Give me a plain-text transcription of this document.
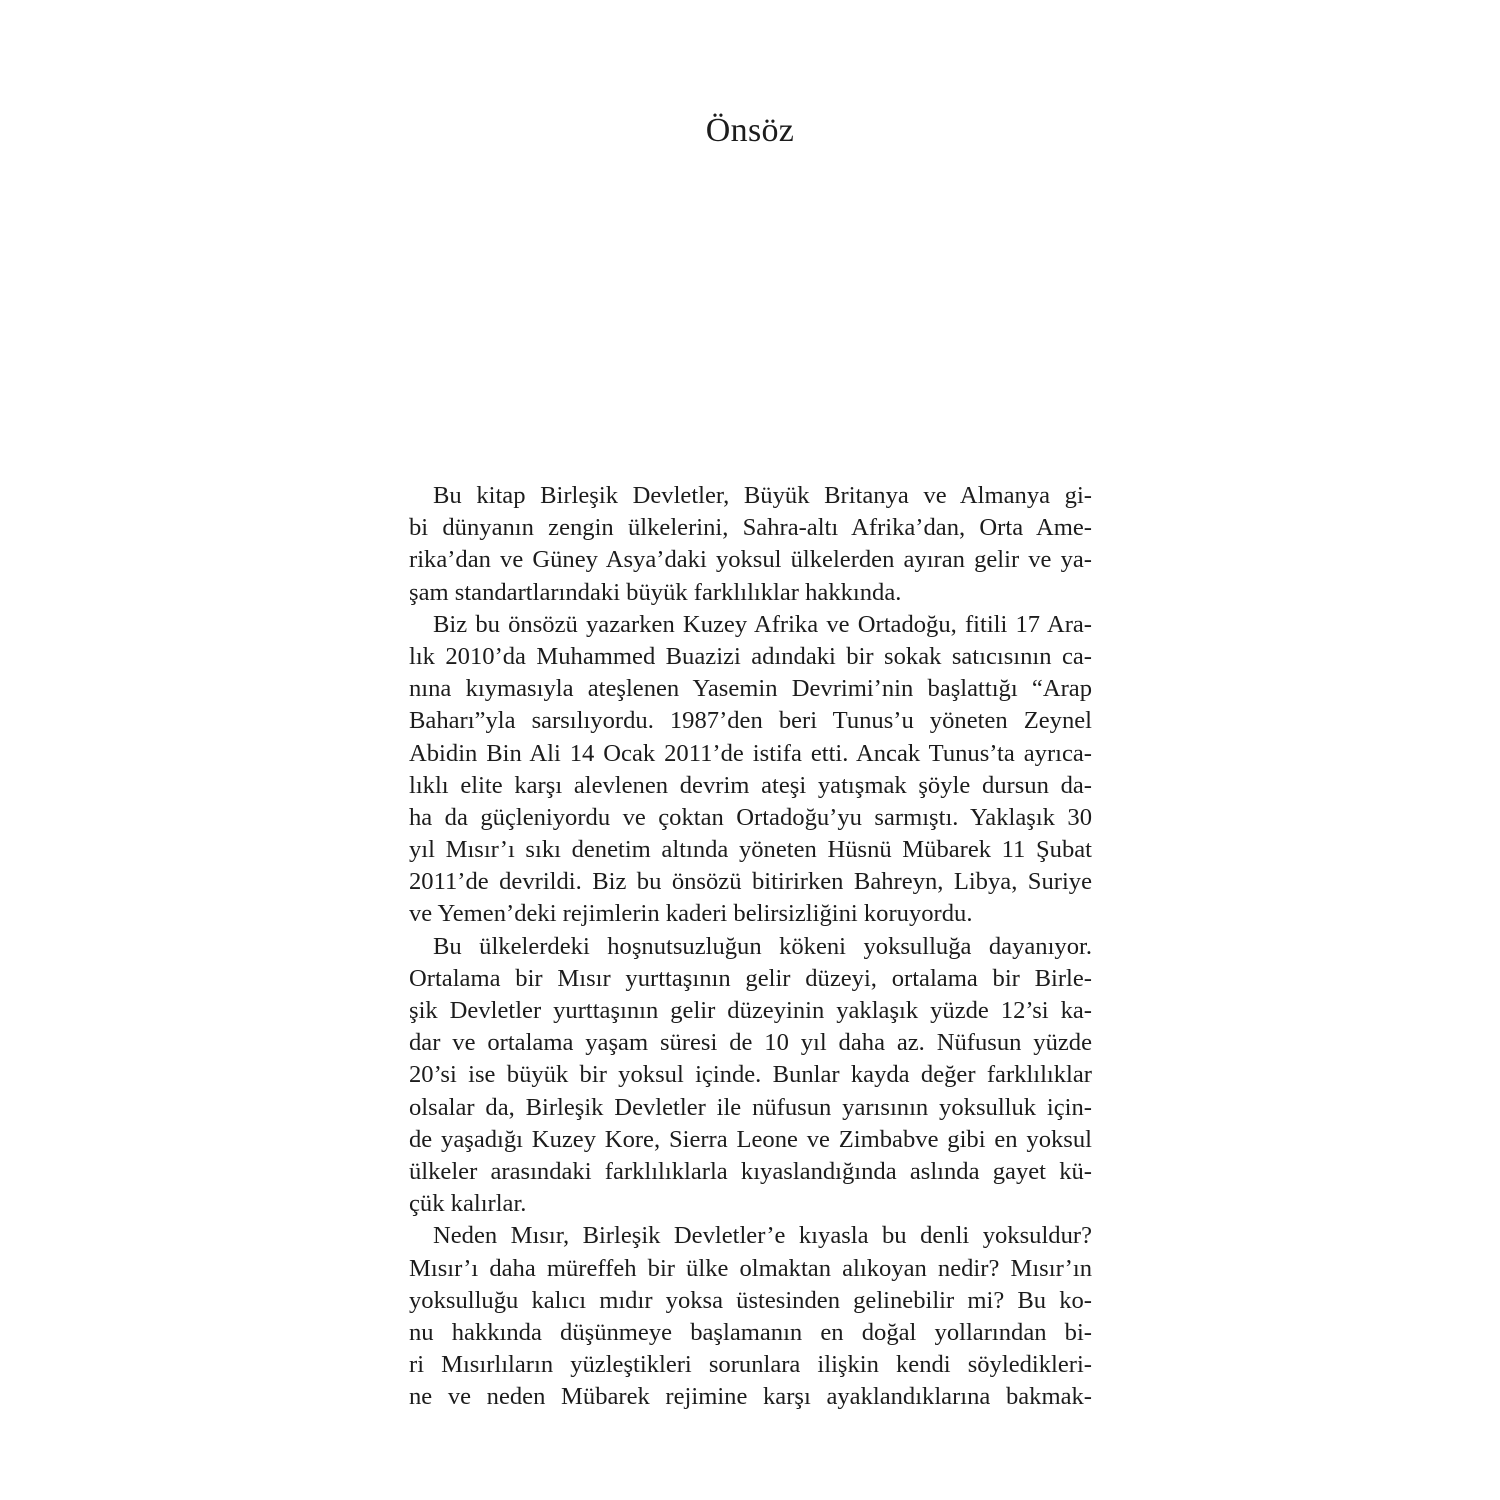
Önsöz
Bu kitap Birleşik Devletler, Büyük Britanya ve Almanya gi-
bi dünyanın zengin ülkelerini, Sahra-altı Afrika’dan, Orta Ame-
rika’dan ve Güney Asya’daki yoksul ülkelerden ayıran gelir ve ya-
şam standartlarındaki büyük farklılıklar hakkında.
Biz bu önsözü yazarken Kuzey Afrika ve Ortadoğu, fitili 17 Ara-
lık 2010’da Muhammed Buazizi adındaki bir sokak satıcısının ca-
nına kıymasıyla ateşlenen Yasemin Devrimi’nin başlattığı “Arap
Baharı”yla sarsılıyordu. 1987’den beri Tunus’u yöneten Zeynel
Abidin Bin Ali 14 Ocak 2011’de istifa etti. Ancak Tunus’ta ayrıca-
lıklı elite karşı alevlenen devrim ateşi yatışmak şöyle dursun da-
ha da güçleniyordu ve çoktan Ortadoğu’yu sarmıştı. Yaklaşık 30
yıl Mısır’ı sıkı denetim altında yöneten Hüsnü Mübarek 11 Şubat
2011’de devrildi. Biz bu önsözü bitirirken Bahreyn, Libya, Suriye
ve Yemen’deki rejimlerin kaderi belirsizliğini koruyordu.
Bu ülkelerdeki hoşnutsuzluğun kökeni yoksulluğa dayanıyor.
Ortalama bir Mısır yurttaşının gelir düzeyi, ortalama bir Birle-
şik Devletler yurttaşının gelir düzeyinin yaklaşık yüzde 12’si ka-
dar ve ortalama yaşam süresi de 10 yıl daha az. Nüfusun yüzde
20’si ise büyük bir yoksul içinde. Bunlar kayda değer farklılıklar
olsalar da, Birleşik Devletler ile nüfusun yarısının yoksulluk için-
de yaşadığı Kuzey Kore, Sierra Leone ve Zimbabve gibi en yoksul
ülkeler arasındaki farklılıklarla kıyaslandığında aslında gayet kü-
çük kalırlar.
Neden Mısır, Birleşik Devletler’e kıyasla bu denli yoksuldur?
Mısır’ı daha müreffeh bir ülke olmaktan alıkoyan nedir? Mısır’ın
yoksulluğu kalıcı mıdır yoksa üstesinden gelinebilir mi? Bu ko-
nu hakkında düşünmeye başlamanın en doğal yollarından bi-
ri Mısırlıların yüzleştikleri sorunlara ilişkin kendi söyledikleri-
ne ve neden Mübarek rejimine karşı ayaklandıklarına bakmak-
